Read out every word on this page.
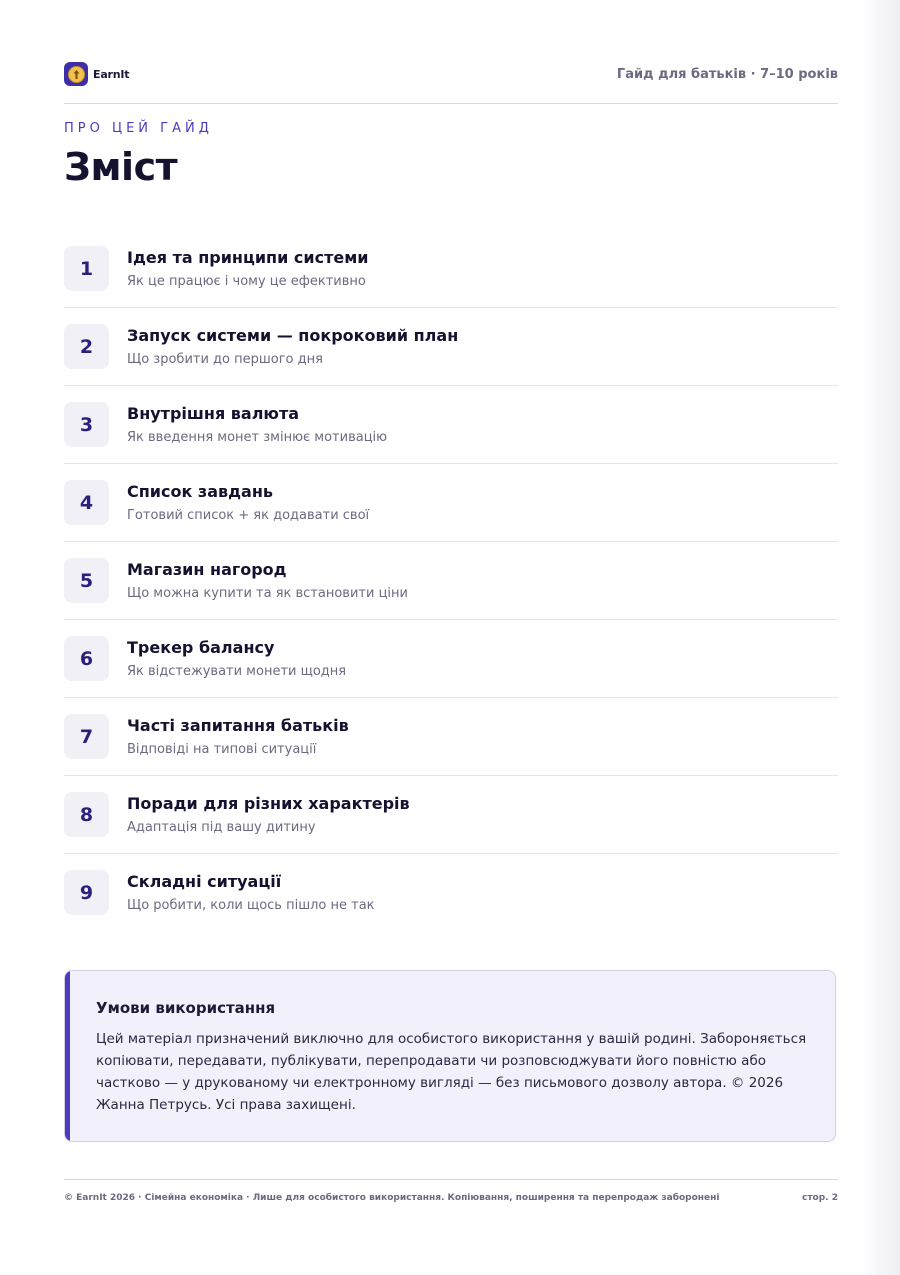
EarnIt	Гайд для батьків · 7–10 років
ПРО ЦЕЙ ГАЙД
Зміст
1	Ідея та принципи системи
Як це працює і чому це ефективно
2	Запуск системи — покроковий план
Що зробити до першого дня
3	Внутрішня валюта
Як введення монет змінює мотивацію
4	Список завдань
Готовий список + як додавати свої
5	Магазин нагород
Що можна купити та як встановити ціни
6	Трекер балансу
Як відстежувати монети щодня
7	Часті запитання батьків
Відповіді на типові ситуації
8	Поради для різних характерів
Адаптація під вашу дитину
9	Складні ситуації
Що робити, коли щось пішло не так
Умови використання
Цей матеріал призначений виключно для особистого використання у вашій родині. Забороняється копіювати, передавати, публікувати, перепродавати чи розповсюджувати його повністю або частково — у друкованому чи електронному вигляді — без письмового дозволу автора. © 2026 Жанна Петрусь. Усі права захищені.
© EarnIt 2026 · Сімейна економіка · Лише для особистого використання. Копіювання, поширення та перепродаж заборонені	стор. 2
